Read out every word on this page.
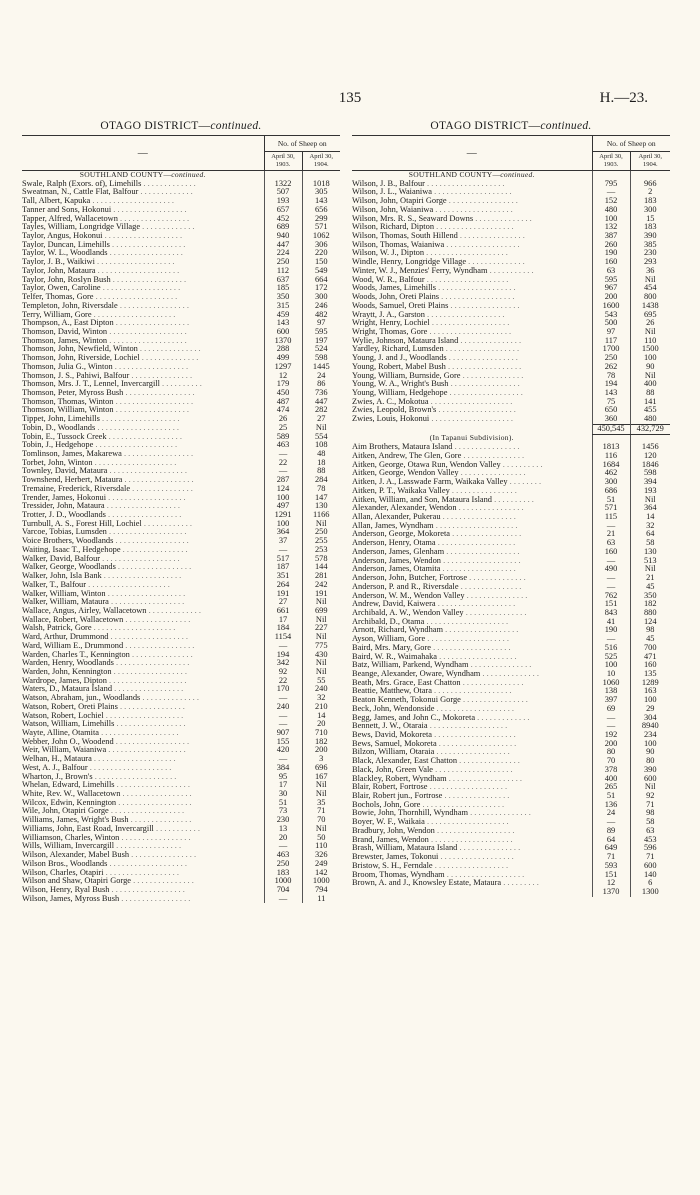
135	H.—23.
OTAGO DISTRICT—continued.
—	No. of Sheep on	
	April 30,
1903.	April 30,
1904.
SOUTHLAND COUNTY—continued.		
Swale, Ralph (Exors. of), Limehills . . . . . . . . . . . . .	1322	1018
Sweatman, N., Cattle Flat, Balfour . . . . . . . . . . . . .	507	305
Tall, Albert, Kapuka . . . . . . . . . . . . . . . . . . . .	193	143
Tanner and Sons, Hokonui . . . . . . . . . . . . . . . . . .	657	656
Tapper, Alfred, Wallacetown . . . . . . . . . . . . . . . . .	452	299
Tayles, William, Longridge Village . . . . . . . . . . . . .	689	571
Taylor, Angus, Hokonui . . . . . . . . . . . . . . . . . . .	940	1062
Taylor, Duncan, Limehills . . . . . . . . . . . . . . . . . .	447	306
Taylor, W. L., Woodlands . . . . . . . . . . . . . . . . . .	224	220
Taylor, J. B., Waikiwi . . . . . . . . . . . . . . . . . . .	250	150
Taylor, John, Mataura . . . . . . . . . . . . . . . . . . . .	112	549
Taylor, John, Roslyn Bush . . . . . . . . . . . . . . . . . .	637	664
Taylor, Owen, Caroline . . . . . . . . . . . . . . . . . . .	185	172
Telfer, Thomas, Gore . . . . . . . . . . . . . . . . . . . .	350	300
Templeton, John, Riversdale . . . . . . . . . . . . . . . . .	315	246
Terry, William, Gore . . . . . . . . . . . . . . . . . . . .	459	482
Thompson, A., East Dipton . . . . . . . . . . . . . . . . . .	143	97
Thomson, David, Winton . . . . . . . . . . . . . . . . . . .	600	595
Thomson, James, Winton . . . . . . . . . . . . . . . . . . .	1370	197
Thomson, John, Newfield, Winton . . . . . . . . . . . . . . .	288	524
Thomson, John, Riverside, Lochiel . . . . . . . . . . . . . .	499	598
Thomson, Julia G., Winton . . . . . . . . . . . . . . . . . .	1297	1445
Thomson, J. S., Pahiwi, Balfour . . . . . . . . . . . . . . .	12	24
Thomson, Mrs. J. T., Lennel, Invercargill . . . . . . . . . .	179	86
Thomson, Peter, Myross Bush . . . . . . . . . . . . . . . . .	450	736
Thomson, Thomas, Winton . . . . . . . . . . . . . . . . . . .	487	447
Thomson, William, Winton . . . . . . . . . . . . . . . . . .	474	282
Tippet, John, Limehills . . . . . . . . . . . . . . . . . . .	26	27
Tobin, D., Woodlands . . . . . . . . . . . . . . . . . . . .	25	Nil
Tobin, E., Tussock Creek . . . . . . . . . . . . . . . . . .	589	554
Tobin, J., Hedgehope . . . . . . . . . . . . . . . . . . . .	463	108
Tomlinson, James, Makarewa . . . . . . . . . . . . . . . . .	—	48
Torbet, John, Winton . . . . . . . . . . . . . . . . . . . .	22	18
Townley, David, Mataura . . . . . . . . . . . . . . . . . . .	—	88
Townshend, Herbert, Mataura . . . . . . . . . . . . . . . . .	287	284
Tremaine, Frederick, Riversdale . . . . . . . . . . . . . . .	124	78
Trender, James, Hokonui . . . . . . . . . . . . . . . . . . .	100	147
Tressider, John, Mataura . . . . . . . . . . . . . . . . . .	497	130
Trotter, J. D., Woodlands . . . . . . . . . . . . . . . . . .	1291	1166
Turnbull, A. S., Forest Hill, Lochiel . . . . . . . . . . . .	100	Nil
Varcoe, Tobias, Lumsden . . . . . . . . . . . . . . . . . . .	364	250
Voice Brothers, Woodlands . . . . . . . . . . . . . . . . . .	37	255
Waiting, Isaac T., Hedgehope . . . . . . . . . . . . . . . .	—	253
Walker, David, Balfour . . . . . . . . . . . . . . . . . . .	517	578
Walker, George, Woodlands . . . . . . . . . . . . . . . . . .	187	144
Walker, John, Isla Bank . . . . . . . . . . . . . . . . . . .	351	281
Walker, T., Balfour . . . . . . . . . . . . . . . . . . . .	264	242
Walker, William, Winton . . . . . . . . . . . . . . . . . . .	191	191
Walker, William, Mataura . . . . . . . . . . . . . . . . . .	27	Nil
Wallace, Angus, Airley, Wallacetown . . . . . . . . . . . . .	661	699
Wallace, Robert, Wallacetown . . . . . . . . . . . . . . . .	17	Nil
Walsh, Patrick, Gore . . . . . . . . . . . . . . . . . . . .	184	227
Ward, Arthur, Drummond . . . . . . . . . . . . . . . . . . .	1154	Nil
Ward, William E., Drummond . . . . . . . . . . . . . . . . .	—	775
Warden, Charles T., Kennington . . . . . . . . . . . . . . .	194	430
Warden, Henry, Woodlands . . . . . . . . . . . . . . . . . .	342	Nil
Warden, John, Kennington . . . . . . . . . . . . . . . . . .	92	Nil
Wardrope, James, Dipton . . . . . . . . . . . . . . . . . . .	22	55
Waters, D., Mataura Island . . . . . . . . . . . . . . . . .	170	240
Watson, Abraham, jun., Woodlands . . . . . . . . . . . . . .	—	32
Watson, Robert, Oreti Plains . . . . . . . . . . . . . . . .	240	210
Watson, Robert, Lochiel . . . . . . . . . . . . . . . . . . .	—	14
Watson, William, Limehills . . . . . . . . . . . . . . . . .	—	20
Wayte, Alline, Otamita . . . . . . . . . . . . . . . . . . .	907	710
Webber, John O., Woodend . . . . . . . . . . . . . . . . . .	155	182
Weir, William, Waianiwa . . . . . . . . . . . . . . . . . . .	420	200
Welhan, H., Mataura . . . . . . . . . . . . . . . . . . . .	—	3
West, A. J., Balfour . . . . . . . . . . . . . . . . . . . .	384	696
Wharton, J., Brown's . . . . . . . . . . . . . . . . . . . .	95	167
Whelan, Edward, Limehills . . . . . . . . . . . . . . . . . .	17	Nil
White, Rev. W., Wallacetown . . . . . . . . . . . . . . . . .	30	Nil
Wilcox, Edwin, Kennington . . . . . . . . . . . . . . . . . .	51	35
Wile, John, Otapiri Gorge . . . . . . . . . . . . . . . . . .	73	71
Williams, James, Wright's Bush . . . . . . . . . . . . . . .	230	70
Williams, John, East Road, Invercargill . . . . . . . . . . .	13	Nil
Williamson, Charles, Winton . . . . . . . . . . . . . . . . .	20	50
Wills, William, Invercargill . . . . . . . . . . . . . . . .	—	110
Wilson, Alexander, Mabel Bush . . . . . . . . . . . . . . . .	463	326
Wilson Bros., Woodlands . . . . . . . . . . . . . . . . . . .	250	249
Wilson, Charles, Otapiri . . . . . . . . . . . . . . . . . .	183	142
Wilson and Shaw, Otapiri Gorge . . . . . . . . . . . . . . .	1000	1000
Wilson, Henry, Ryal Bush . . . . . . . . . . . . . . . . . .	704	794
Wilson, James, Myross Bush . . . . . . . . . . . . . . . . .	—	11
OTAGO DISTRICT—continued.
—	No. of Sheep on	
	April 30,
1903.	April 30,
1904.
SOUTHLAND COUNTY—continued.		
Wilson, J. B., Balfour . . . . . . . . . . . . . . . . . . .	795	966
Wilson, J. L., Waianiwa . . . . . . . . . . . . . . . . . . .	—	2
Wilson, John, Otapiri Gorge . . . . . . . . . . . . . . . . .	152	183
Wilson, John, Waianiwa . . . . . . . . . . . . . . . . . . .	480	300
Wilson, Mrs. R. S., Seaward Downs . . . . . . . . . . . . . .	100	15
Wilson, Richard, Dipton . . . . . . . . . . . . . . . . . . .	132	183
Wilson, Thomas, South Hillend . . . . . . . . . . . . . . . .	387	390
Wilson, Thomas, Waianiwa . . . . . . . . . . . . . . . . . .	260	385
Wilson, W. J., Dipton . . . . . . . . . . . . . . . . . . . .	190	230
Windle, Henry, Longridge Village . . . . . . . . . . . . . .	160	293
Winter, W. J., Menzies' Ferry, Wyndham . . . . . . . . . . .	63	36
Wood, W. R., Balfour . . . . . . . . . . . . . . . . . . . .	595	Nil
Woods, James, Limehills . . . . . . . . . . . . . . . . . . .	967	454
Woods, John, Oreti Plains . . . . . . . . . . . . . . . . . .	200	800
Woods, Samuel, Oreti Plains . . . . . . . . . . . . . . . . .	1600	1438
Wraytt, J. A., Garston . . . . . . . . . . . . . . . . . . .	543	695
Wright, Henry, Lochiel . . . . . . . . . . . . . . . . . . .	500	26
Wright, Thomas, Gore . . . . . . . . . . . . . . . . . . . .	97	Nil
Wylie, Johnson, Mataura Island . . . . . . . . . . . . . . .	117	110
Yardley, Richard, Lumsden . . . . . . . . . . . . . . . . . .	1700	1500
Young, J. and J., Woodlands . . . . . . . . . . . . . . . . .	250	100
Young, Robert, Mabel Bush . . . . . . . . . . . . . . . . . .	262	90
Young, William, Burnside, Gore . . . . . . . . . . . . . . .	78	Nil
Young, W. A., Wright's Bush . . . . . . . . . . . . . . . . .	194	400
Young, William, Hedgehope . . . . . . . . . . . . . . . . . .	143	88
Zwies, A. C., Mokotua . . . . . . . . . . . . . . . . . . . .	75	141
Zwies, Leopold, Brown's . . . . . . . . . . . . . . . . . . .	650	455
Zwies, Louis, Hokonui . . . . . . . . . . . . . . . . . . . .	360	480
	450,545	432,729
(In Tapanui Subdivision).		
Aim Brothers, Mataura Island . . . . . . . . . . . . . . . .	1813	1456
Aitken, Andrew, The Glen, Gore . . . . . . . . . . . . . . .	116	120
Aitken, George, Otawa Run, Wendon Valley . . . . . . . . . .	1684	1846
Aitken, George, Wendon Valley . . . . . . . . . . . . . . . .	462	598
Aitken, J. A., Lasswade Farm, Waikaka Valley . . . . . . . .	300	394
Aitken, P. T., Waikaka Valley . . . . . . . . . . . . . . . .	686	193
Aitken, William, and Son, Mataura Island . . . . . . . . . .	51	Nil
Alexander, Alexander, Wendon . . . . . . . . . . . . . . . .	571	364
Allan, Alexander, Pukerau . . . . . . . . . . . . . . . . . .	115	14
Allan, James, Wyndham . . . . . . . . . . . . . . . . . . . .	—	32
Anderson, George, Mokoreta . . . . . . . . . . . . . . . . .	21	64
Anderson, Henry, Otama . . . . . . . . . . . . . . . . . . .	63	58
Anderson, James, Glenham . . . . . . . . . . . . . . . . . .	160	130
Anderson, James, Wendon . . . . . . . . . . . . . . . . . . .	—	513
Anderson, James, Otamita . . . . . . . . . . . . . . . . . .	490	Nil
Anderson, John, Butcher, Fortrose . . . . . . . . . . . . . .	—	21
Anderson, P. and R., Riversdale . . . . . . . . . . . . . . .	—	45
Anderson, W. M., Wendon Valley . . . . . . . . . . . . . . .	762	350
Andrew, David, Kaiwera . . . . . . . . . . . . . . . . . . .	151	182
Archibald, A. W., Wendon Valley . . . . . . . . . . . . . . .	843	880
Archibald, D., Otama . . . . . . . . . . . . . . . . . . . .	41	124
Arnott, Richard, Wyndham . . . . . . . . . . . . . . . . . .	190	98
Ayson, William, Gore . . . . . . . . . . . . . . . . . . . .	—	45
Baird, Mrs. Mary, Gore . . . . . . . . . . . . . . . . . . .	516	700
Baird, W. R., Waimahaka . . . . . . . . . . . . . . . . . . .	525	471
Batz, William, Parkend, Wyndham . . . . . . . . . . . . . . .	100	160
Beange, Alexander, Oware, Wyndham . . . . . . . . . . . . . .	10	135
Beath, Mrs. Grace, East Chatton . . . . . . . . . . . . . . .	1060	1289
Beattie, Matthew, Otara . . . . . . . . . . . . . . . . . . .	138	163
Beaton Kenneth, Tokonui Gorge . . . . . . . . . . . . . . . .	397	100
Beck, John, Wendonside . . . . . . . . . . . . . . . . . . .	69	29
Begg, James, and John C., Mokoreta . . . . . . . . . . . . .	—	304
Bennett, J. W., Otaraia . . . . . . . . . . . . . . . . . . .	—	8940
Bews, David, Mokoreta . . . . . . . . . . . . . . . . . . . .	192	234
Bews, Samuel, Mokoreta . . . . . . . . . . . . . . . . . . .	200	100
Bilzon, William, Otaraia . . . . . . . . . . . . . . . . . .	80	90
Black, Alexander, East Chatton . . . . . . . . . . . . . . .	70	80
Black, John, Green Vale . . . . . . . . . . . . . . . . . . .	378	390
Blackley, Robert, Wyndham . . . . . . . . . . . . . . . . . .	400	600
Blair, Robert, Fortrose . . . . . . . . . . . . . . . . . . .	265	Nil
Blair, Robert jun., Fortrose . . . . . . . . . . . . . . . .	51	92
Bochols, John, Gore . . . . . . . . . . . . . . . . . . . .	136	71
Bowie, John, Thornhill, Wyndham . . . . . . . . . . . . . . .	24	98
Boyer, W. F., Waikaia . . . . . . . . . . . . . . . . . . . .	—	58
Bradbury, John, Wendon . . . . . . . . . . . . . . . . . . .	89	63
Brand, James, Wendon . . . . . . . . . . . . . . . . . . . .	64	453
Brash, William, Mataura Island . . . . . . . . . . . . . . .	649	596
Brewster, James, Tokonui . . . . . . . . . . . . . . . . . .	71	71
Bristow, S. H., Ferndale . . . . . . . . . . . . . . . . . .	593	600
Broom, Thomas, Wyndham . . . . . . . . . . . . . . . . . . .	151	140
Brown, A. and J., Knowsley Estate, Mataura . . . . . . . . .	12	6
	1370	1300
